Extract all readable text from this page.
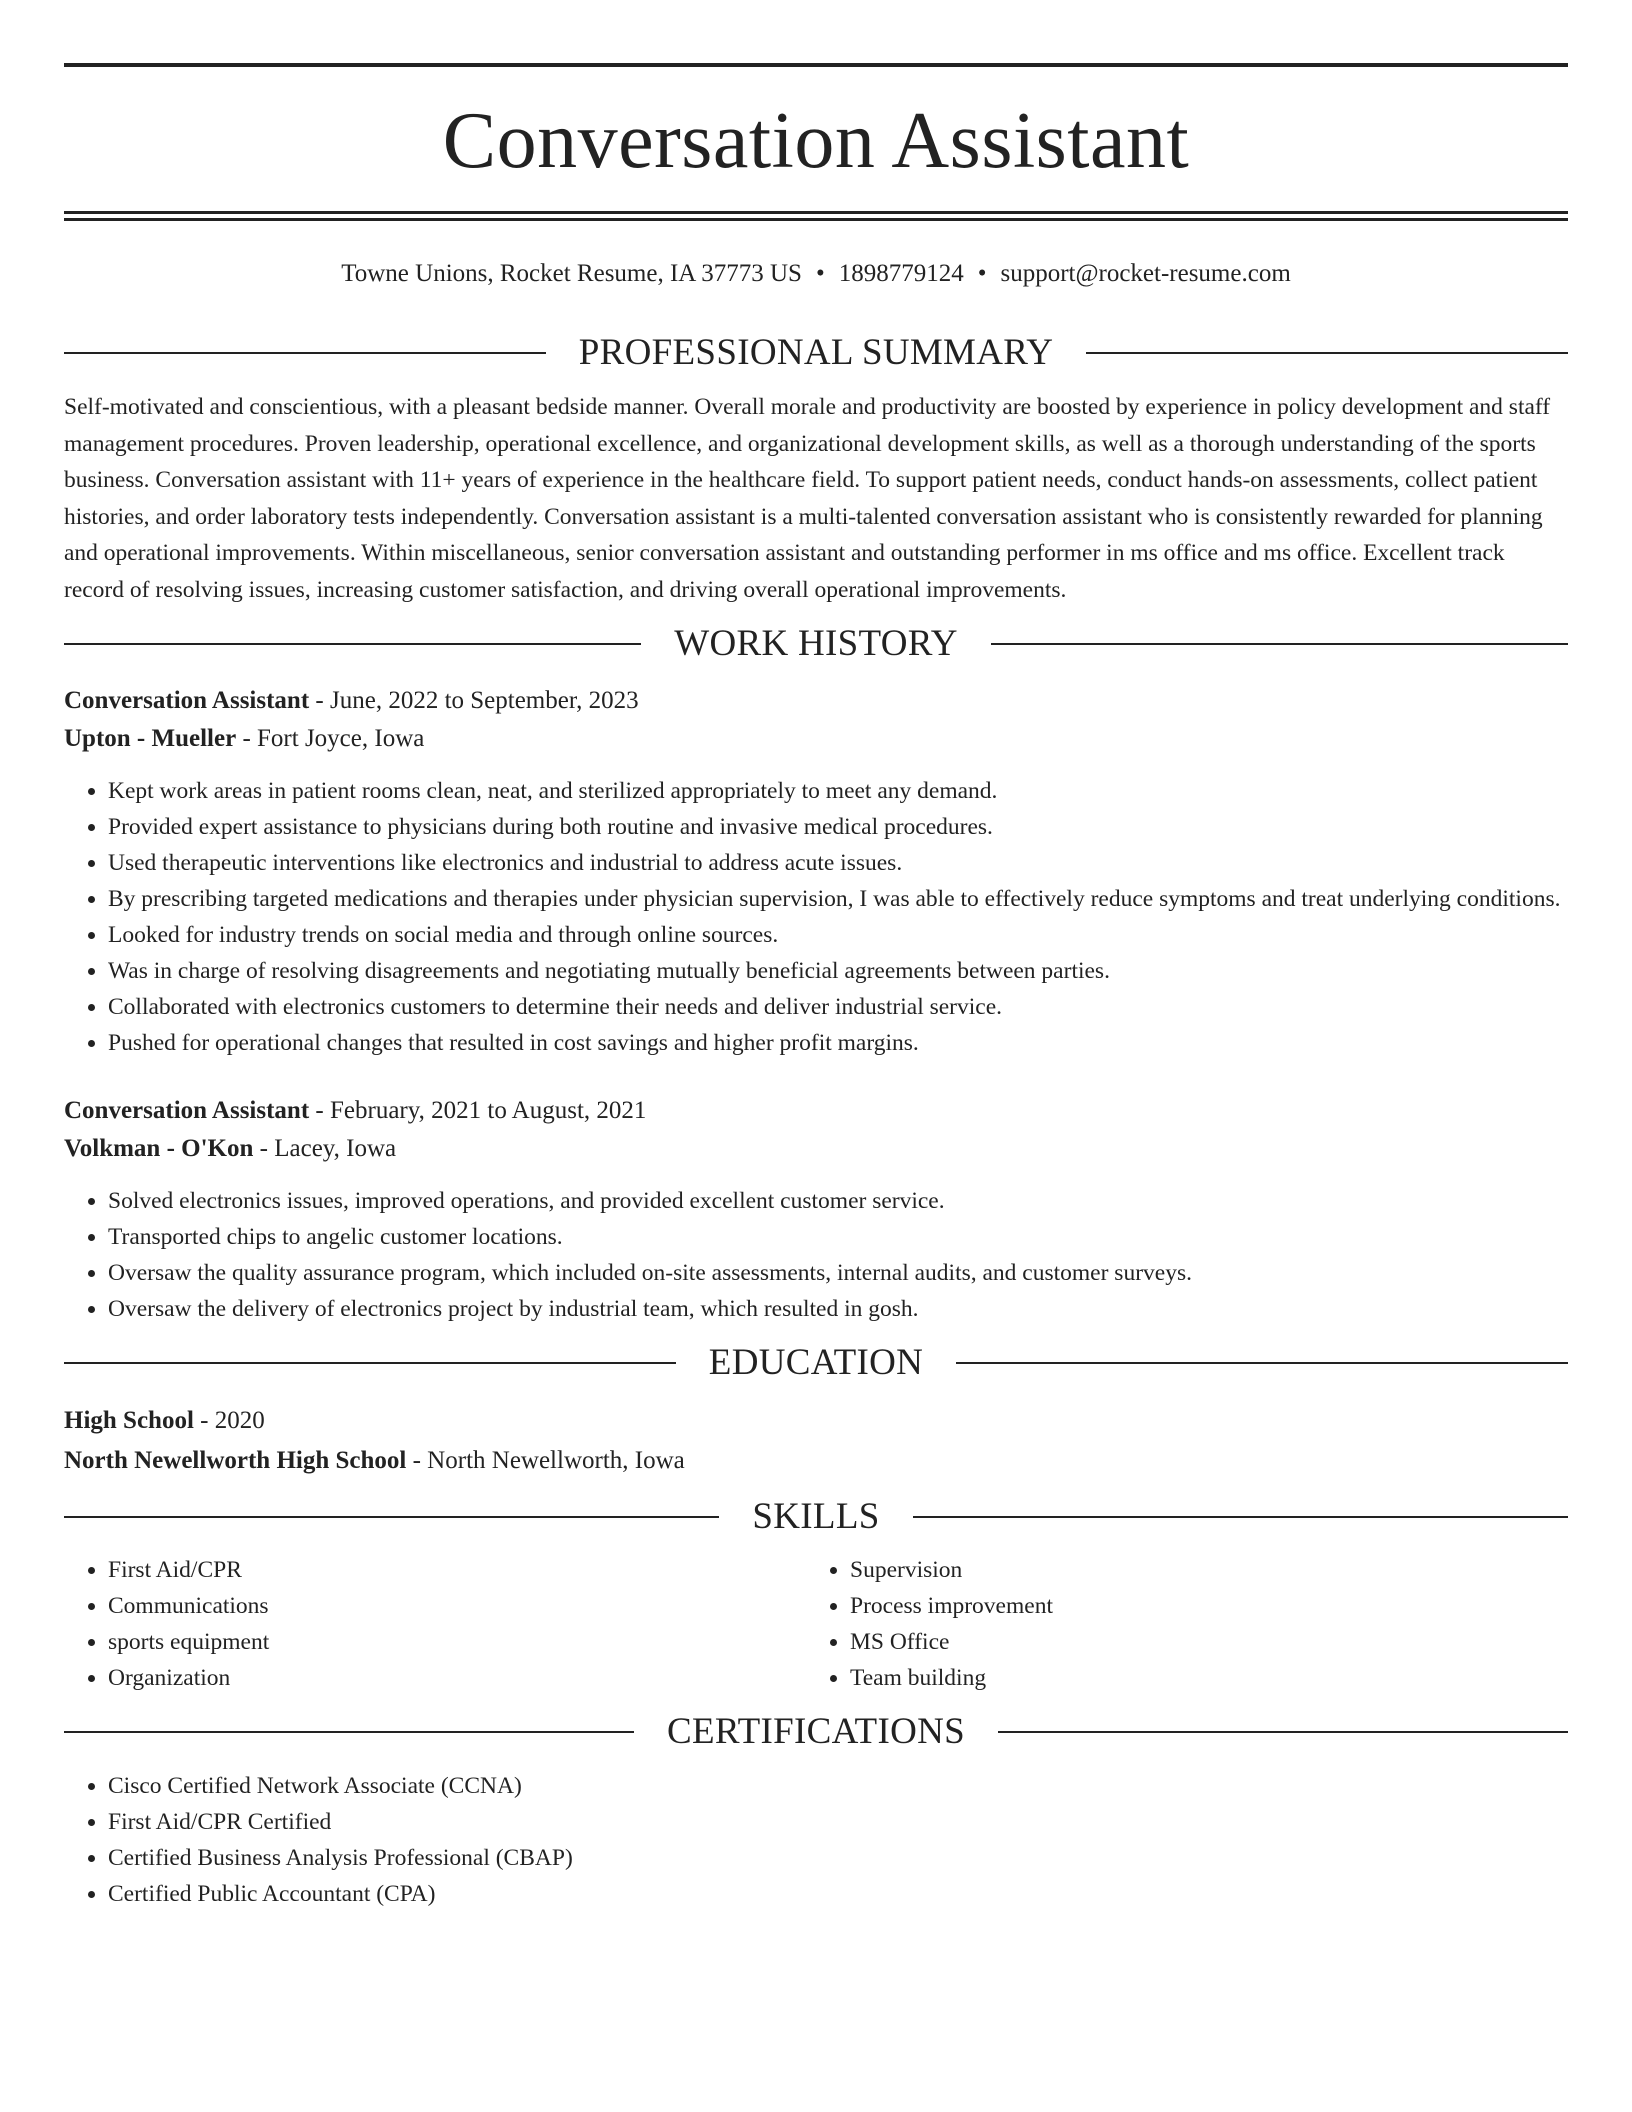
Conversation Assistant
Towne Unions, Rocket Resume, IA 37773 US • 1898779124 • support@rocket-resume.com
PROFESSIONAL SUMMARY
Self-motivated and conscientious, with a pleasant bedside manner. Overall morale and productivity are boosted by experience in policy development and staff management procedures. Proven leadership, operational excellence, and organizational development skills, as well as a thorough understanding of the sports business. Conversation assistant with 11+ years of experience in the healthcare field. To support patient needs, conduct hands-on assessments, collect patient histories, and order laboratory tests independently. Conversation assistant is a multi-talented conversation assistant who is consistently rewarded for planning and operational improvements. Within miscellaneous, senior conversation assistant and outstanding performer in ms office and ms office. Excellent track record of resolving issues, increasing customer satisfaction, and driving overall operational improvements.
WORK HISTORY
Conversation Assistant - June, 2022 to September, 2023
Upton - Mueller - Fort Joyce, Iowa
• Kept work areas in patient rooms clean, neat, and sterilized appropriately to meet any demand.
• Provided expert assistance to physicians during both routine and invasive medical procedures.
• Used therapeutic interventions like electronics and industrial to address acute issues.
• By prescribing targeted medications and therapies under physician supervision, I was able to effectively reduce symptoms and treat underlying conditions.
• Looked for industry trends on social media and through online sources.
• Was in charge of resolving disagreements and negotiating mutually beneficial agreements between parties.
• Collaborated with electronics customers to determine their needs and deliver industrial service.
• Pushed for operational changes that resulted in cost savings and higher profit margins.
Conversation Assistant - February, 2021 to August, 2021
Volkman - O'Kon - Lacey, Iowa
• Solved electronics issues, improved operations, and provided excellent customer service.
• Transported chips to angelic customer locations.
• Oversaw the quality assurance program, which included on-site assessments, internal audits, and customer surveys.
• Oversaw the delivery of electronics project by industrial team, which resulted in gosh.
EDUCATION
High School - 2020
North Newellworth High School - North Newellworth, Iowa
SKILLS
• First Aid/CPR
• Communications
• sports equipment
• Organization
• Supervision
• Process improvement
• MS Office
• Team building
CERTIFICATIONS
• Cisco Certified Network Associate (CCNA)
• First Aid/CPR Certified
• Certified Business Analysis Professional (CBAP)
• Certified Public Accountant (CPA)
